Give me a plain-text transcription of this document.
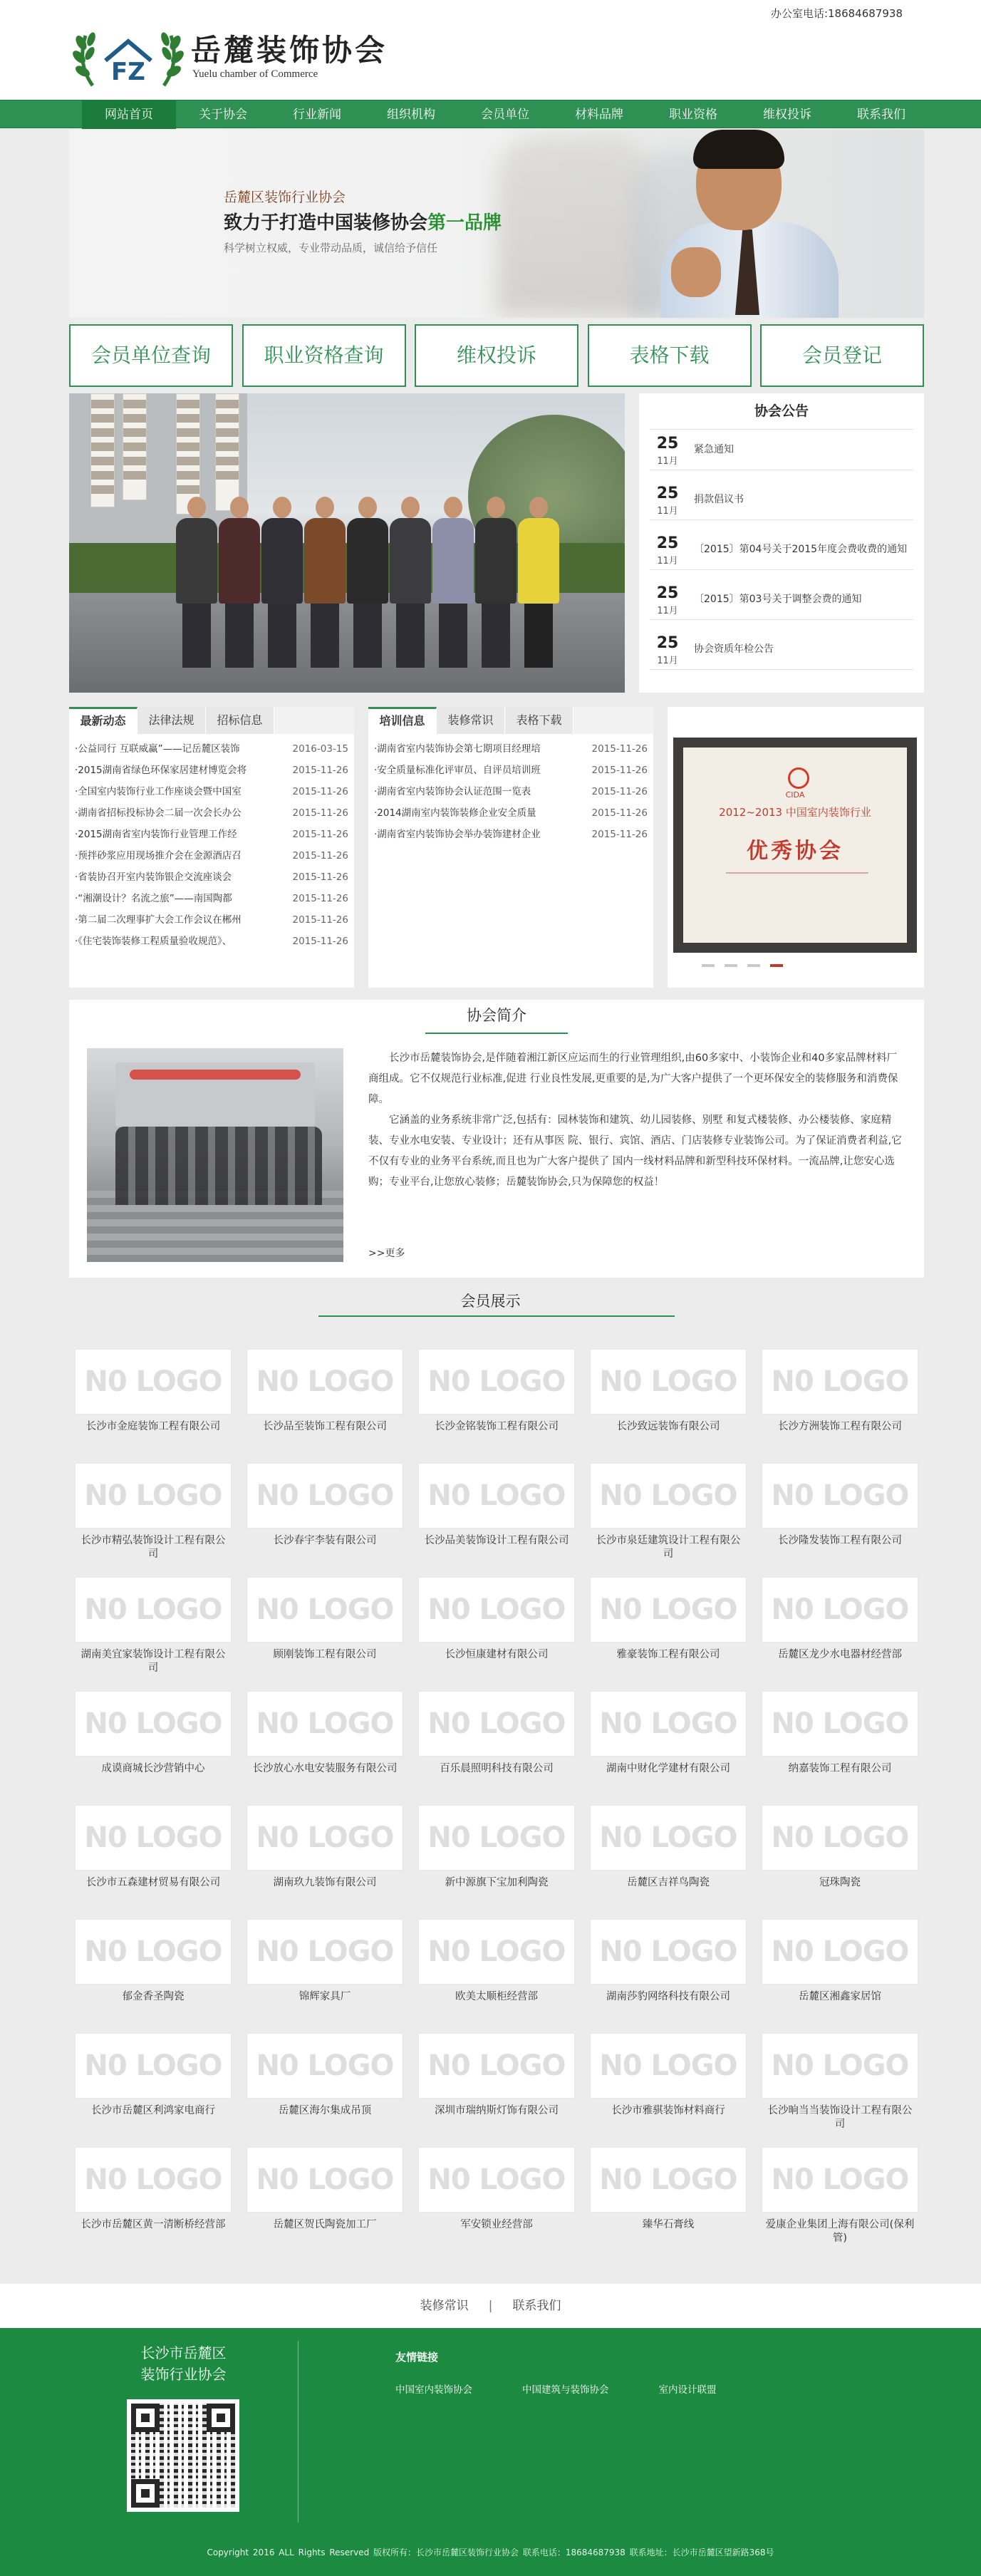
办公室电话:18684687938
FZ
岳麓装饰协会
Yuelu chamber of Commerce
网站首页	关于协会	行业新闻	组织机构	会员单位	材料品牌	职业资格	维权投诉	联系我们
岳麓区装饰行业协会
致力于打造中国装修协会第一品牌
科学树立权威，专业带动品质，诚信给予信任
会员单位查询	职业资格查询	维权投诉	表格下载	会员登记
协会公告
25
11月
紧急通知
25
11月
捐款倡议书
25
11月
〔2015〕第04号关于2015年度会费收费的通知
25
11月
〔2015〕第03号关于调整会费的通知
25
11月
协会资质年检公告
最新动态	法律法规	招标信息
·公益同行 互联威赢”——记岳麓区装饰	2016-03-15
·2015湖南省绿色环保家居建材博览会将	2015-11-26
·全国室内装饰行业工作座谈会暨中国室	2015-11-26
·湖南省招标投标协会二届一次会长办公	2015-11-26
·2015湖南省室内装饰行业管理工作经	2015-11-26
·预拌砂浆应用现场推介会在金源酒店召	2015-11-26
·省装协召开室内装饰银企交流座谈会	2015-11-26
·“湘潮设计？名流之旅”——南国陶都	2015-11-26
·第二届二次理事扩大会工作会议在郴州	2015-11-26
·《住宅装饰装修工程质量验收规范》、	2015-11-26
培训信息	装修常识	表格下载
·湖南省室内装饰协会第七期项目经理培	2015-11-26
·安全质量标准化评审员、自评员培训班	2015-11-26
·湖南省室内装饰协会认证范围一览表	2015-11-26
·2014湖南室内装饰装修企业安全质量	2015-11-26
·湖南省室内装饰协会举办装饰建材企业	2015-11-26
CIDA
2012~2013 中国室内装饰行业
优秀协会
协会简介

长沙市岳麓装饰协会,是伴随着湘江新区应运而生的行业管理组织,由60多家中、小装饰企业和40多家品牌材料厂商组成。它不仅规范行业标准,促进 行业良性发展,更重要的是,为广大客户提供了一个更坏保安全的装修服务和消费保障。

它涵盖的业务系统非常广泛,包括有：园林装饰和建筑、幼儿园装修、别墅 和复式楼装修、办公楼装修、家庭精装、专业水电安装、专业设计；还有从事医 院、银行、宾馆、酒店、门店装修专业装饰公司。为了保证消费者利益,它不仅有专业的业务平台系统,而且也为广大客户提供了 国内一线材料品牌和新型科技环保材料。一流品牌,让您安心选购；专业平台,让您放心装修；岳麓装饰协会,只为保障您的权益！

>>更多
会员展示
N0 LOGO
长沙市金庭装饰工程有限公司
N0 LOGO
长沙品至装饰工程有限公司
N0 LOGO
长沙金铭装饰工程有限公司
N0 LOGO
长沙致远装饰有限公司
N0 LOGO
长沙方洲装饰工程有限公司
N0 LOGO
长沙市精弘装饰设计工程有限公司
N0 LOGO
长沙春宇李装有限公司
N0 LOGO
长沙品美装饰设计工程有限公司
N0 LOGO
长沙市泉廷建筑设计工程有限公司
N0 LOGO
长沙隆发装饰工程有限公司
N0 LOGO
湖南美宜家装饰设计工程有限公司
N0 LOGO
顾刚装饰工程有限公司
N0 LOGO
长沙恒康建材有限公司
N0 LOGO
雅豪装饰工程有限公司
N0 LOGO
岳麓区龙少水电器材经营部
N0 LOGO
成谟商城长沙营销中心
N0 LOGO
长沙放心水电安装服务有限公司
N0 LOGO
百乐晨照明科技有限公司
N0 LOGO
湖南中财化学建材有限公司
N0 LOGO
纳嘉装饰工程有限公司
N0 LOGO
长沙市五森建材贸易有限公司
N0 LOGO
湖南玖九装饰有限公司
N0 LOGO
新中源旗下宝加利陶瓷
N0 LOGO
岳麓区吉祥鸟陶瓷
N0 LOGO
冠珠陶瓷
N0 LOGO
郁金香圣陶瓷
N0 LOGO
锦辉家具厂
N0 LOGO
欧美太顺柜经营部
N0 LOGO
湖南莎豹网络科技有限公司
N0 LOGO
岳麓区湘鑫家居馆
N0 LOGO
长沙市岳麓区利鸿家电商行
N0 LOGO
岳麓区海尔集成吊顶
N0 LOGO
深圳市瑞纳斯灯饰有限公司
N0 LOGO
长沙市雅骐装饰材料商行
N0 LOGO
长沙晌当当装饰设计工程有限公司
N0 LOGO
长沙市岳麓区黄一清断桥经营部
N0 LOGO
岳麓区贺氏陶瓷加工厂
N0 LOGO
军安锁业经营部
N0 LOGO
臻华石膏线
N0 LOGO
爱康企业集团上海有限公司(保利管)
装修常识 | 联系我们
长沙市岳麓区
装饰行业协会
友情链接
中国室内装饰协会	中国建筑与装饰协会	室内设计联盟
Copyright 2016 ALL Rights Reserved 版权所有：长沙市岳麓区装饰行业协会 联系电话：18684687938 联系地址：长沙市岳麓区望新路368号
